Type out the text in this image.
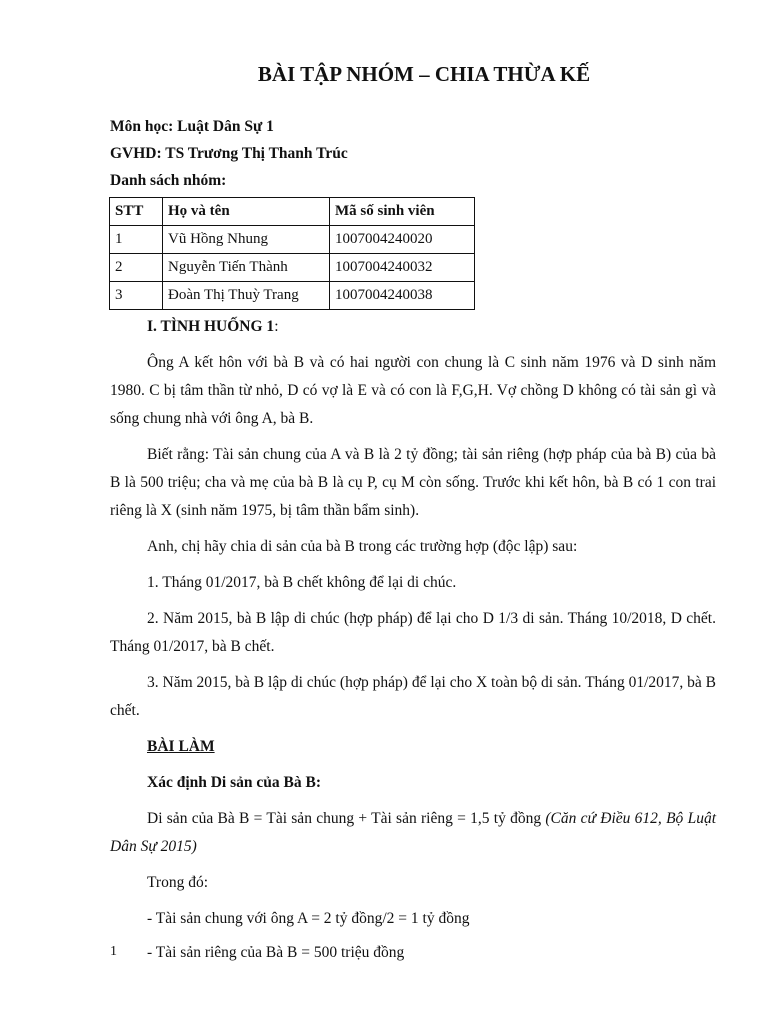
BÀI TẬP NHÓM – CHIA THỪA KẾ
Môn học: Luật Dân Sự 1
GVHD: TS Trương Thị Thanh Trúc
Danh sách nhóm:
STT	Họ và tên	Mã số sinh viên
1	Vũ Hồng Nhung	1007004240020
2	Nguyễn Tiến Thành	1007004240032
3	Đoàn Thị Thuỳ Trang	1007004240038

I. TÌNH HUỐNG 1:

Ông A kết hôn với bà B và có hai người con chung là C sinh năm 1976 và D sinh năm 1980. C bị tâm thần từ nhỏ, D có vợ là E và có con là F,G,H. Vợ chồng D không có tài sản gì và sống chung nhà với ông A, bà B.

Biết rằng: Tài sản chung của A và B là 2 tỷ đồng; tài sản riêng (hợp pháp của bà B) của bà B là 500 triệu; cha và mẹ của bà B là cụ P, cụ M còn sống. Trước khi kết hôn, bà B có 1 con trai riêng là X (sinh năm 1975, bị tâm thần bẩm sinh).

Anh, chị hãy chia di sản của bà B trong các trường hợp (độc lập) sau:

1. Tháng 01/2017, bà B chết không để lại di chúc.

2. Năm 2015, bà B lập di chúc (hợp pháp) để lại cho D 1/3 di sản. Tháng 10/2018, D chết. Tháng 01/2017, bà B chết.

3. Năm 2015, bà B lập di chúc (hợp pháp) để lại cho X toàn bộ di sản. Tháng 01/2017, bà B chết.

BÀI LÀM

Xác định Di sản của Bà B:

Di sản của Bà B = Tài sản chung + Tài sản riêng = 1,5 tỷ đồng (Căn cứ Điều 612, Bộ Luật Dân Sự 2015)

Trong đó:

- Tài sản chung với ông A = 2 tỷ đồng/2 = 1 tỷ đồng

- Tài sản riêng của Bà B = 500 triệu đồng

1
